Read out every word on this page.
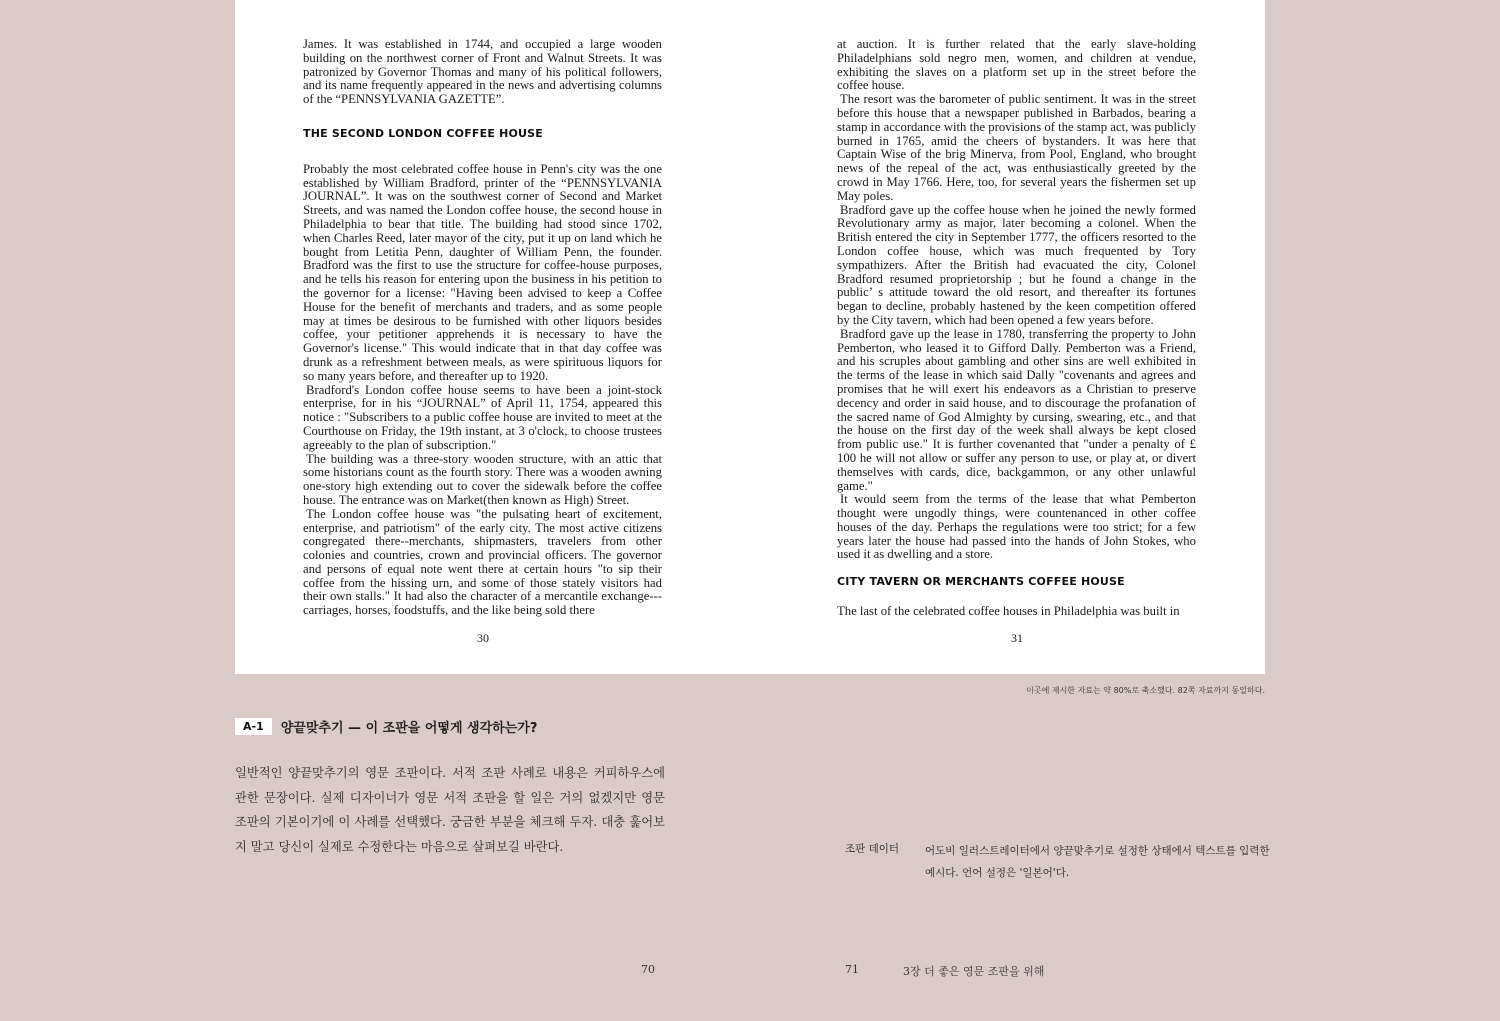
James. It was established in 1744, and occupied a large wooden building on the northwest corner of Front and Walnut Streets. It was patronized by Governor Thomas and many of his political followers, and its name frequently appeared in the news and advertising columns of the “PENNSYLVANIA GAZETTE”.

THE SECOND LONDON COFFEE HOUSE

Probably the most celebrated coffee house in Penn's city was the one established by William Bradford, printer of the “PENNSYLVANIA JOURNAL”. It was on the southwest corner of Second and Market Streets, and was named the London coffee house, the second house in Philadelphia to bear that title. The building had stood since 1702, when Charles Reed, later mayor of the city, put it up on land which he bought from Letitia Penn, daughter of William Penn, the founder. Bradford was the first to use the structure for coffee-house purposes, and he tells his reason for entering upon the business in his petition to the governor for a license: "Having been advised to keep a Coffee House for the benefit of merchants and traders, and as some people may at times be desirous to be furnished with other liquors besides coffee, your petitioner apprehends it is necessary to have the Governor's license." This would indicate that in that day coffee was drunk as a refreshment between meals, as were spirituous liquors for so many years before, and thereafter up to 1920.

Bradford's London coffee house seems to have been a joint-stock enterprise, for in his “JOURNAL” of April 11, 1754, appeared this notice : "Subscribers to a public coffee house are invited to meet at the Courthouse on Friday, the 19th instant, at 3 o'clock, to choose trustees agreeably to the plan of subscription."

The building was a three-story wooden structure, with an attic that some historians count as the fourth story. There was a wooden awning one-story high extending out to cover the sidewalk before the coffee house. The entrance was on Market(then known as High) Street.

The London coffee house was "the pulsating heart of excitement, enterprise, and patriotism" of the early city. The most active citizens congregated there--merchants, shipmasters, travelers from other colonies and countries, crown and provincial officers. The governor and persons of equal note went there at certain hours "to sip their coffee from the hissing urn, and some of those stately visitors had their own stalls." It had also the character of a mercantile exchange---carriages, horses, foodstuffs, and the like being sold there

30

at auction. It is further related that the early slave-holding Philadelphians sold negro men, women, and children at vendue, exhibiting the slaves on a platform set up in the street before the coffee house.

The resort was the barometer of public sentiment. It was in the street before this house that a newspaper published in Barbados, bearing a stamp in accordance with the provisions of the stamp act, was publicly burned in 1765, amid the cheers of bystanders. It was here that Captain Wise of the brig Minerva, from Pool, England, who brought news of the repeal of the act, was enthusiastically greeted by the crowd in May 1766. Here, too, for several years the fishermen set up May poles.

Bradford gave up the coffee house when he joined the newly formed Revolutionary army as major, later becoming a colonel. When the British entered the city in September 1777, the officers resorted to the London coffee house, which was much frequented by Tory sympathizers. After the British had evacuated the city, Colonel Bradford resumed proprietorship ; but he found a change in the public’ s attitude toward the old resort, and thereafter its fortunes began to decline, probably hastened by the keen competition offered by the City tavern, which had been opened a few years before.

Bradford gave up the lease in 1780, transferring the property to John Pemberton, who leased it to Gifford Dally. Pemberton was a Friend, and his scruples about gambling and other sins are well exhibited in the terms of the lease in which said Dally "covenants and agrees and promises that he will exert his endeavors as a Christian to preserve decency and order in said house, and to discourage the profanation of the sacred name of God Almighty by cursing, swearing, etc., and that the house on the first day of the week shall always be kept closed from public use." It is further covenanted that "under a penalty of £ 100 he will not allow or suffer any person to use, or play at, or divert themselves with cards, dice, backgammon, or any other unlawful game."

It would seem from the terms of the lease that what Pemberton thought were ungodly things, were countenanced in other coffee houses of the day. Perhaps the regulations were too strict; for a few years later the house had passed into the hands of John Stokes, who used it as dwelling and a store.

CITY TAVERN OR MERCHANTS COFFEE HOUSE

The last of the celebrated coffee houses in Philadelphia was built in

31
이곳에 제시한 자료는 약 80%로 축소했다. 82쪽 자료까지 동일하다.
A-1	양끝맞추기 — 이 조판을 어떻게 생각하는가?
일반적인 양끝맞추기의 영문 조판이다. 서적 조판 사례로 내용은 커피하우스에 관한 문장이다. 실제 디자이너가 영문 서적 조판을 할 일은 거의 없겠지만 영문 조판의 기본이기에 이 사례를 선택했다. 궁금한 부분을 체크해 두자. 대충 훑어보지 말고 당신이 실제로 수정한다는 마음으로 살펴보길 바란다.	조판 데이터 어도비 일러스트레이터에서 양끝맞추기로 설정한 상태에서 텍스트를 입력한 예시다. 언어 설정은 '일본어'다.
70	71	3장 더 좋은 영문 조판을 위해
